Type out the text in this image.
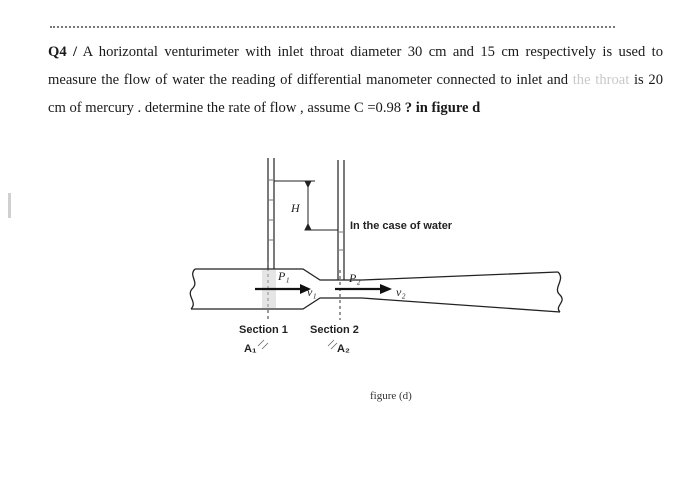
Q4 / A horizontal venturimeter with inlet throat diameter 30 cm and 15 cm respectively is used to measure the flow of water the reading of differential manometer connected to inlet and the throat is 20 cm of mercury . determine the rate of flow , assume C =0.98 ? in figure d
H
In the case of water
P₁	P₂
v₁	v₂
Section 1 Section 2
A₁	A₂
figure (d)
